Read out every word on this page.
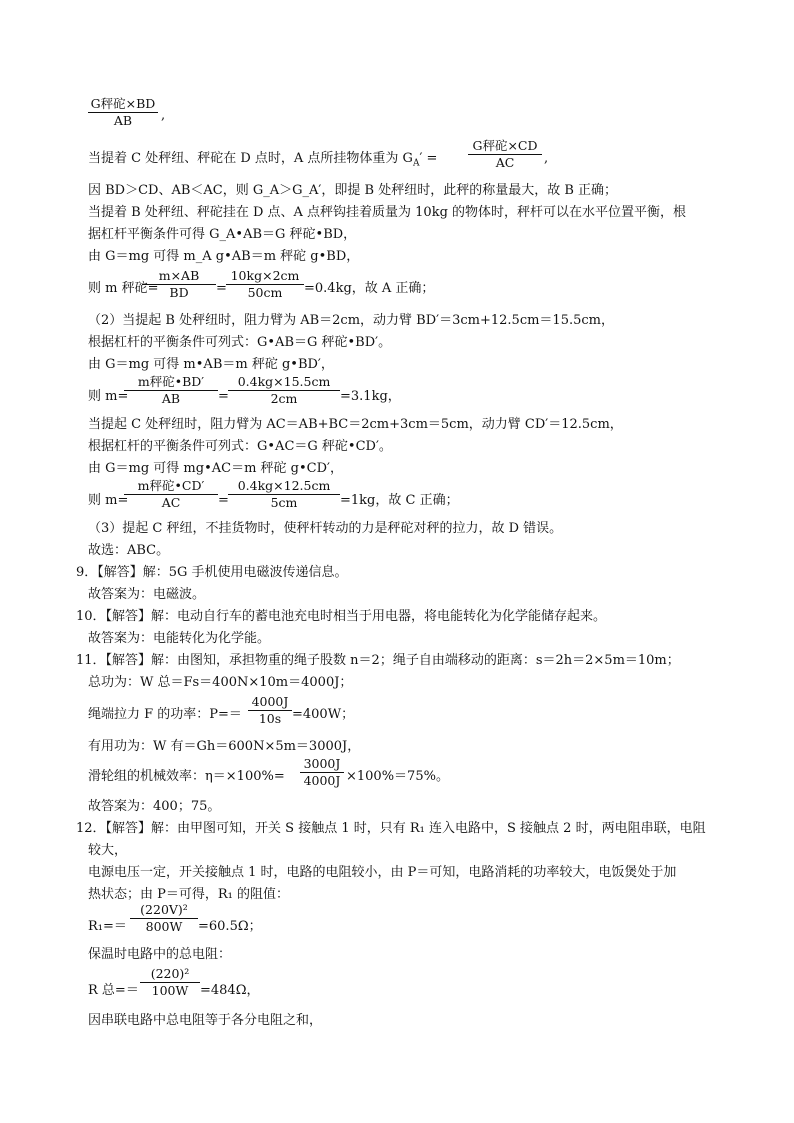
G秤砣×BD
AB	,
当提着 C 处秤纽、秤砣在 D 点时，A 点所挂物体重为 $G_A'$ =
G秤砣×CD
AC	,
因 BD＞CD、AB＜AC，则 G_A＞G_A′，即提 B 处秤纽时，此秤的称量最大，故 B 正确；
当提着 B 处秤纽、秤砣挂在 D 点、A 点秤钩挂着质量为 10kg 的物体时，秤杆可以在水平位置平衡，根
据杠杆平衡条件可得 G_A•AB＝G 秤砣•BD，
由 G＝mg 可得 m_A g•AB＝m 秤砣 g•BD，
则 m 秤砣=
m×AB
BD	=
10kg×2cm
50cm	=0.4kg，故 A 正确；
（2）当提起 B 处秤纽时，阻力臂为 AB＝2cm，动力臂 BD′＝3cm+12.5cm＝15.5cm，
根据杠杆的平衡条件可列式：G•AB＝G 秤砣•BD′。
由 G＝mg 可得 m•AB＝m 秤砣 g•BD′，
则 m=
m秤砣•BD′
AB	=
0.4kg×15.5cm
2cm	=3.1kg，
当提起 C 处秤纽时，阻力臂为 AC＝AB+BC＝2cm+3cm＝5cm，动力臂 CD′＝12.5cm，
根据杠杆的平衡条件可列式：G•AC＝G 秤砣•CD′。
由 G＝mg 可得 mg•AC＝m 秤砣 g•CD′，
则 m=
m秤砣•CD′
AC	=
0.4kg×12.5cm
5cm	=1kg，故 C 正确；
（3）提起 C 秤纽，不挂货物时，使秤杆转动的力是秤砣对秤的拉力，故 D 错误。
故选：ABC。
9．【解答】解：5G 手机使用电磁波传递信息。
故答案为：电磁波。
10．【解答】解：电动自行车的蓄电池充电时相当于用电器，将电能转化为化学能储存起来。
故答案为：电能转化为化学能。
11．【解答】解：由图知，承担物重的绳子股数 n＝2；绳子自由端移动的距离：s＝2h＝2×5m＝10m；
总功为：W 总＝Fs＝400N×10m＝4000J；
绳端拉力 F 的功率：P=＝
4000J
10s =400W；
有用功为：W 有＝Gh＝600N×5m＝3000J，
滑轮组的机械效率：η＝×100%=
3000J
4000J ×100%＝75%。
故答案为：400；75。
12．【解答】解：由甲图可知，开关 S 接触点 1 时，只有 R₁ 连入电路中，S 接触点 2 时，两电阻串联，电阻
较大，
电源电压一定，开关接触点 1 时，电路的电阻较小，由 P＝可知，电路消耗的功率较大，电饭煲处于加
热状态；由 P＝可得，R₁ 的阻值：
R₁=＝
(220V)²
800W	=60.5Ω；
保温时电路中的总电阻：
R 总=＝
(220)²
100W =484Ω，
因串联电路中总电阻等于各分电阻之和，
